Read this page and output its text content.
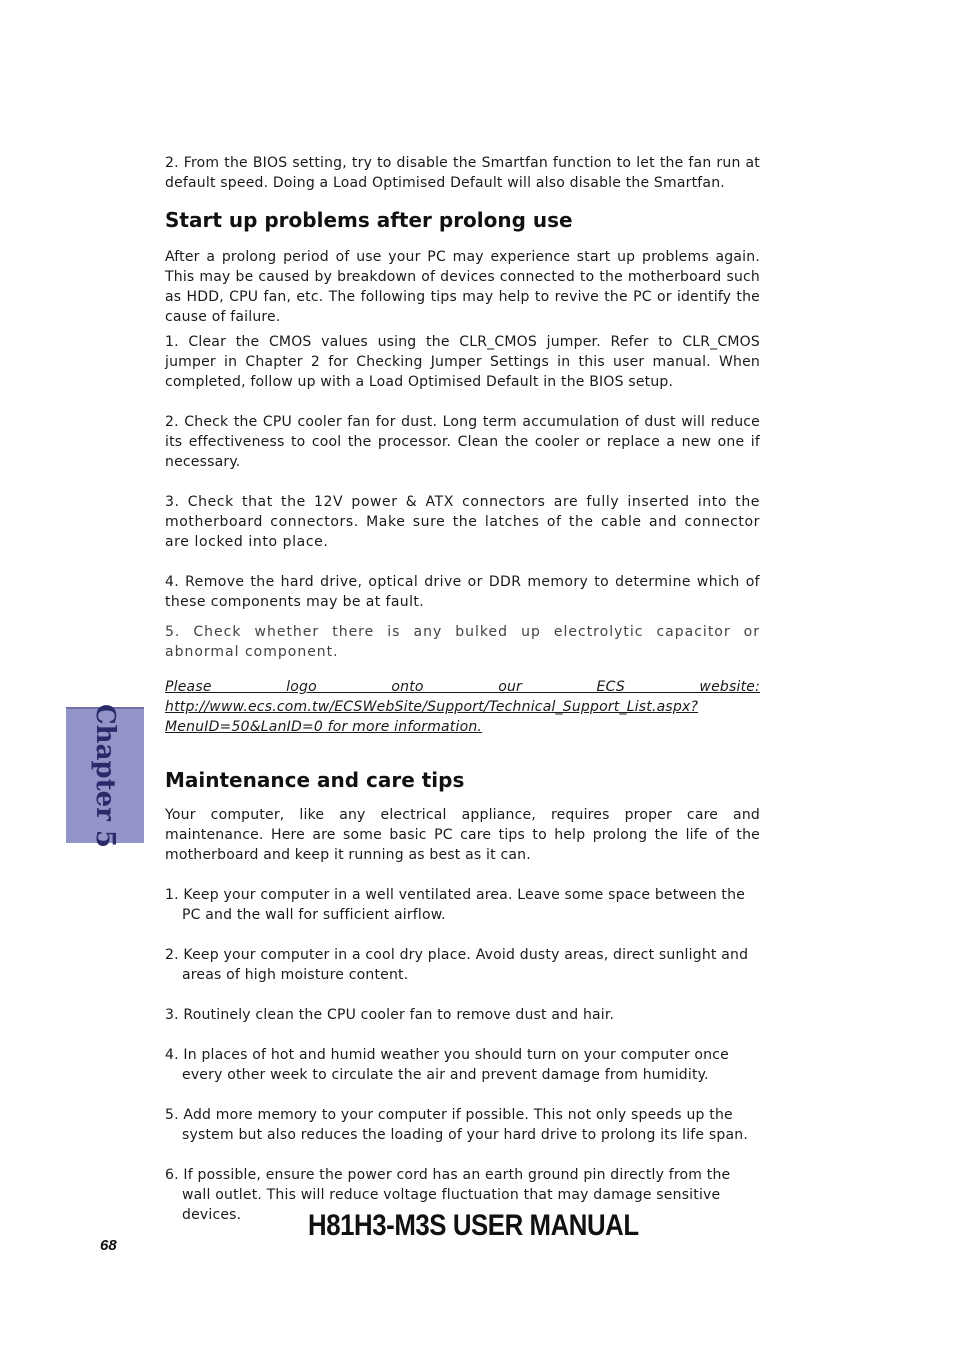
2. From the BIOS setting, try to disable the Smartfan function to let the fan run at default speed. Doing a Load Optimised Default will also disable the Smartfan.

Start up problems after prolong use

After a prolong period of use your PC may experience start up problems again. This may be caused by breakdown of devices connected to the motherboard such as HDD, CPU fan, etc. The following tips may help to revive the PC or identify the cause of failure.

1. Clear the CMOS values using the CLR_CMOS jumper. Refer to CLR_CMOS jumper in Chapter 2 for Checking Jumper Settings in this user manual. When completed, follow up with a Load Optimised Default in the BIOS setup.

2. Check the CPU cooler fan for dust. Long term accumulation of dust will reduce its effectiveness to cool the processor. Clean the cooler or replace a new one if necessary.

3. Check that the 12V power & ATX connectors are fully inserted into the motherboard connectors. Make sure the latches of the cable and connector are locked into place.

4. Remove the hard drive, optical drive or DDR memory to determine which of these components may be at fault.

5. Check whether there is any bulked up electrolytic capacitor or abnormal component.

Please logo onto our ECS website: http://www.ecs.com.tw/ECSWebSite/Support/Technical_Support_List.aspx?MenuID=50&LanID=0 for more information.

Maintenance and care tips

Your computer, like any electrical appliance, requires proper care and maintenance. Here are some basic PC care tips to help prolong the life of the motherboard and keep it running as best as it can.

1. Keep your computer in a well ventilated area. Leave some space between the PC and the wall for sufficient airflow.

2. Keep your computer in a cool dry place. Avoid dusty areas, direct sunlight and areas of high moisture content.

3. Routinely clean the CPU cooler fan to remove dust and hair.

4. In places of hot and humid weather you should turn on your computer once every other week to circulate the air and prevent damage from humidity.

5. Add more memory to your computer if possible. This not only speeds up the system but also reduces the loading of your hard drive to prolong its life span.

6. If possible, ensure the power cord has an earth ground pin directly from the wall outlet. This will reduce voltage fluctuation that may damage sensitive devices.

Chapter 5
68
H81H3-M3S USER MANUAL
